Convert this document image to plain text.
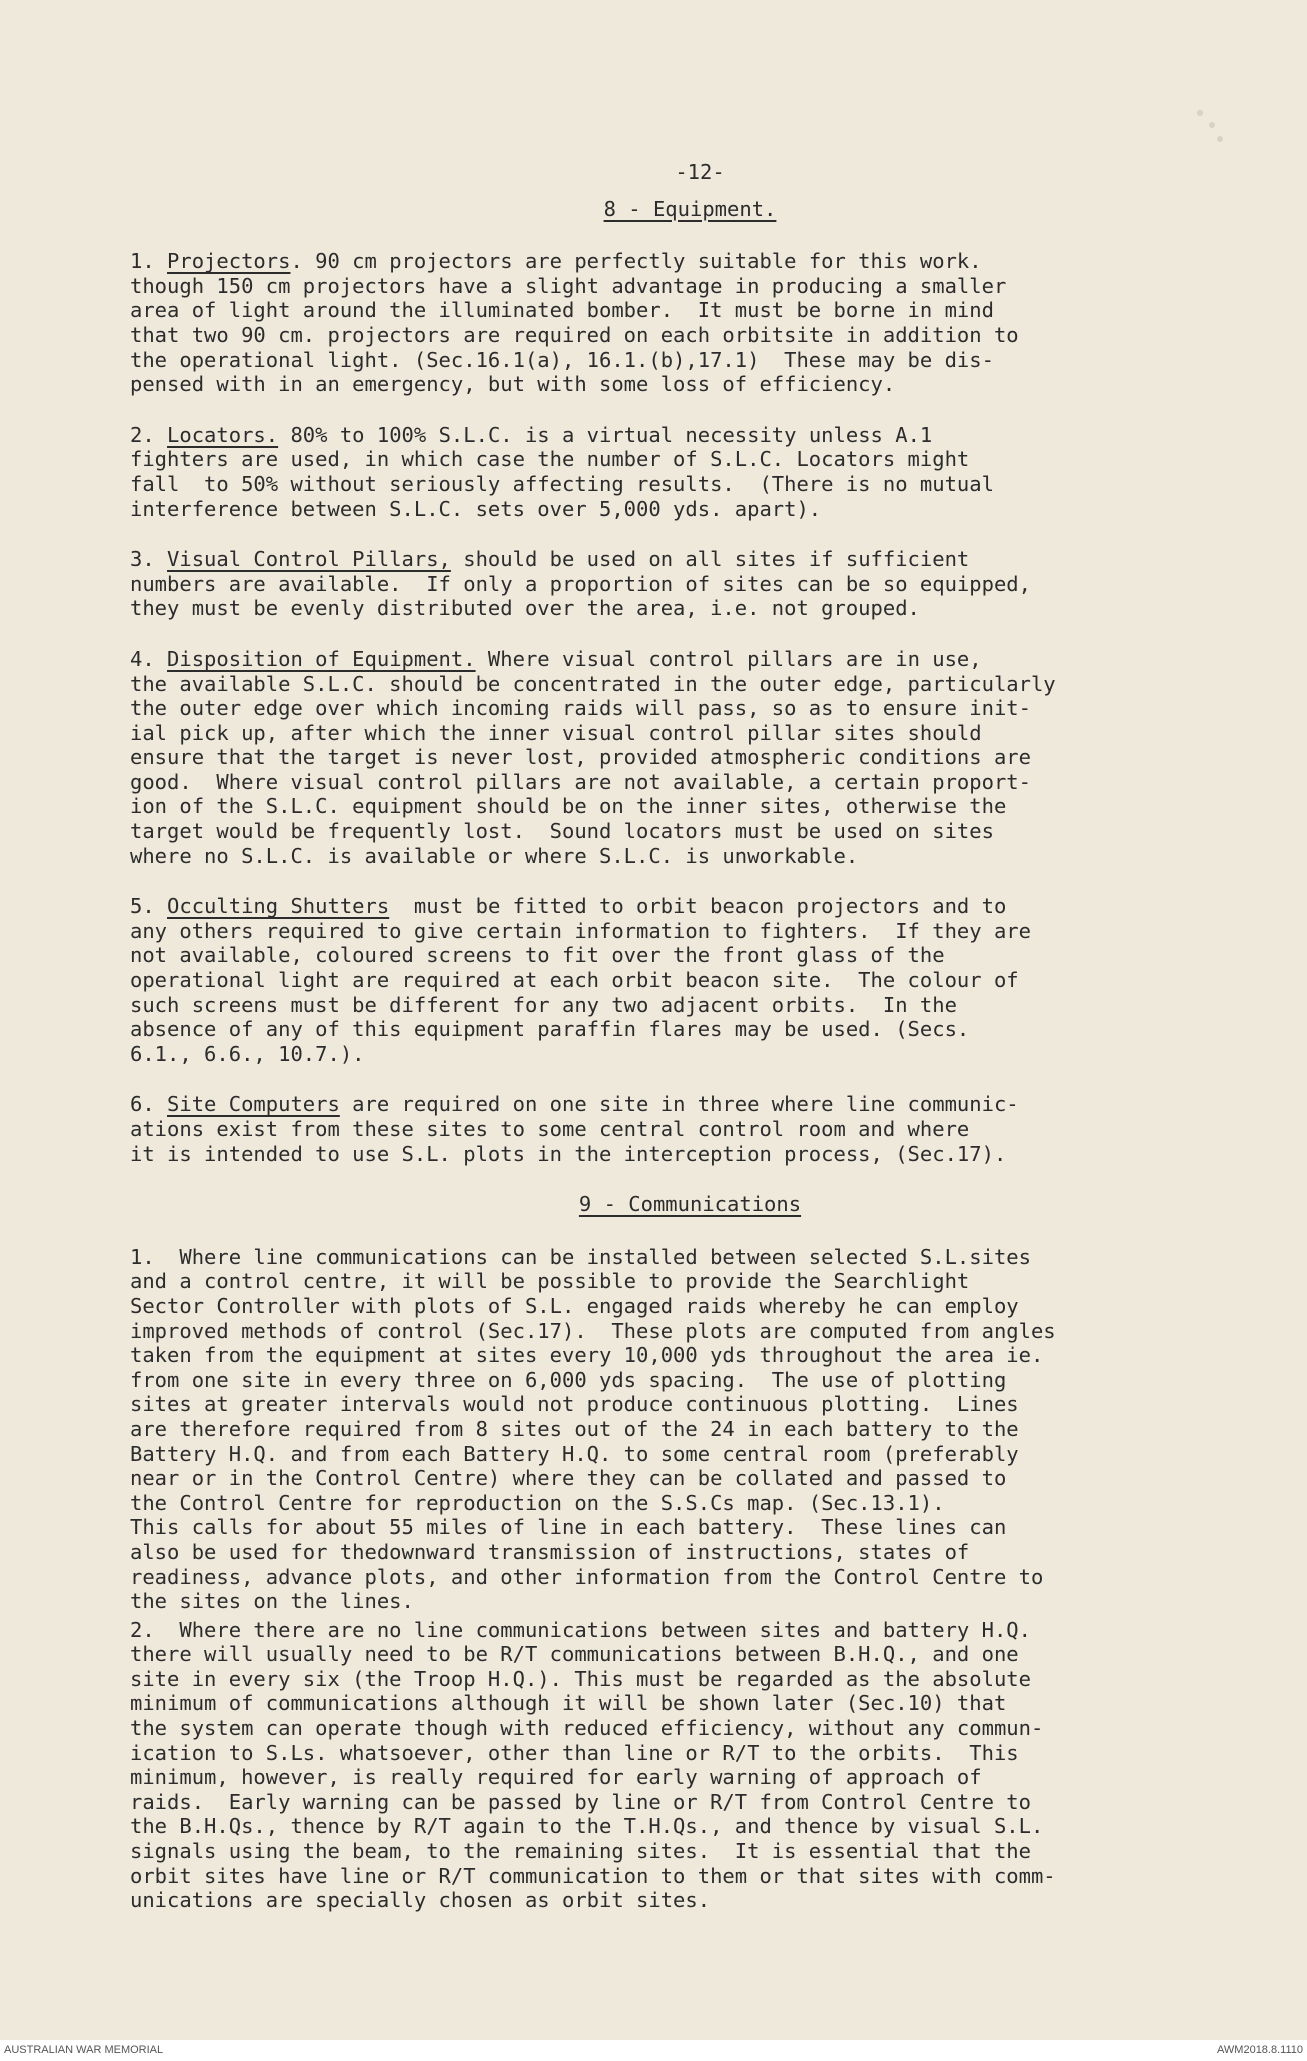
-12-
8 - Equipment.
1. Projectors. 90 cm projectors are perfectly suitable for this work.
though 150 cm projectors have a slight advantage in producing a smaller
area of light around the illuminated bomber.  It must be borne in mind
that two 90 cm. projectors are required on each orbitsite in addition to
the operational light. (Sec.16.1(a), 16.1.(b),17.1)  These may be dis-
pensed with in an emergency, but with some loss of efficiency.
2. Locators. 80% to 100% S.L.C. is a virtual necessity unless A.1
fighters are used, in which case the number of S.L.C. Locators might
fall  to 50% without seriously affecting results.  (There is no mutual
interference between S.L.C. sets over 5,000 yds. apart).
3. Visual Control Pillars, should be used on all sites if sufficient
numbers are available.  If only a proportion of sites can be so equipped,
they must be evenly distributed over the area, i.e. not grouped.
4. Disposition of Equipment. Where visual control pillars are in use,
the available S.L.C. should be concentrated in the outer edge, particularly
the outer edge over which incoming raids will pass, so as to ensure init-
ial pick up, after which the inner visual control pillar sites should
ensure that the target is never lost, provided atmospheric conditions are
good.  Where visual control pillars are not available, a certain proport-
ion of the S.L.C. equipment should be on the inner sites, otherwise the
target would be frequently lost.  Sound locators must be used on sites
where no S.L.C. is available or where S.L.C. is unworkable.
5. Occulting Shutters  must be fitted to orbit beacon projectors and to
any others required to give certain information to fighters.  If they are
not available, coloured screens to fit over the front glass of the
operational light are required at each orbit beacon site.  The colour of
such screens must be different for any two adjacent orbits.  In the
absence of any of this equipment paraffin flares may be used. (Secs.
6.1., 6.6., 10.7.).
6. Site Computers are required on one site in three where line communic-
ations exist from these sites to some central control room and where
it is intended to use S.L. plots in the interception process, (Sec.17).
9 - Communications
1.  Where line communications can be installed between selected S.L.sites
and a control centre, it will be possible to provide the Searchlight
Sector Controller with plots of S.L. engaged raids whereby he can employ
improved methods of control (Sec.17).  These plots are computed from angles
taken from the equipment at sites every 10,000 yds throughout the area ie.
from one site in every three on 6,000 yds spacing.  The use of plotting
sites at greater intervals would not produce continuous plotting.  Lines
are therefore required from 8 sites out of the 24 in each battery to the
Battery H.Q. and from each Battery H.Q. to some central room (preferably
near or in the Control Centre) where they can be collated and passed to
the Control Centre for reproduction on the S.S.Cs map. (Sec.13.1).
This calls for about 55 miles of line in each battery.  These lines can
also be used for thedownward transmission of instructions, states of
readiness, advance plots, and other information from the Control Centre to
the sites on the lines.
2.  Where there are no line communications between sites and battery H.Q.
there will usually need to be R/T communications between B.H.Q., and one
site in every six (the Troop H.Q.). This must be regarded as the absolute
minimum of communications although it will be shown later (Sec.10) that
the system can operate though with reduced efficiency, without any commun-
ication to S.Ls. whatsoever, other than line or R/T to the orbits.  This
minimum, however, is really required for early warning of approach of
raids.  Early warning can be passed by line or R/T from Control Centre to
the B.H.Qs., thence by R/T again to the T.H.Qs., and thence by visual S.L.
signals using the beam, to the remaining sites.  It is essential that the
orbit sites have line or R/T communication to them or that sites with comm-
unications are specially chosen as orbit sites.
AUSTRALIAN WAR MEMORIAL	AWM2018.8.1110
